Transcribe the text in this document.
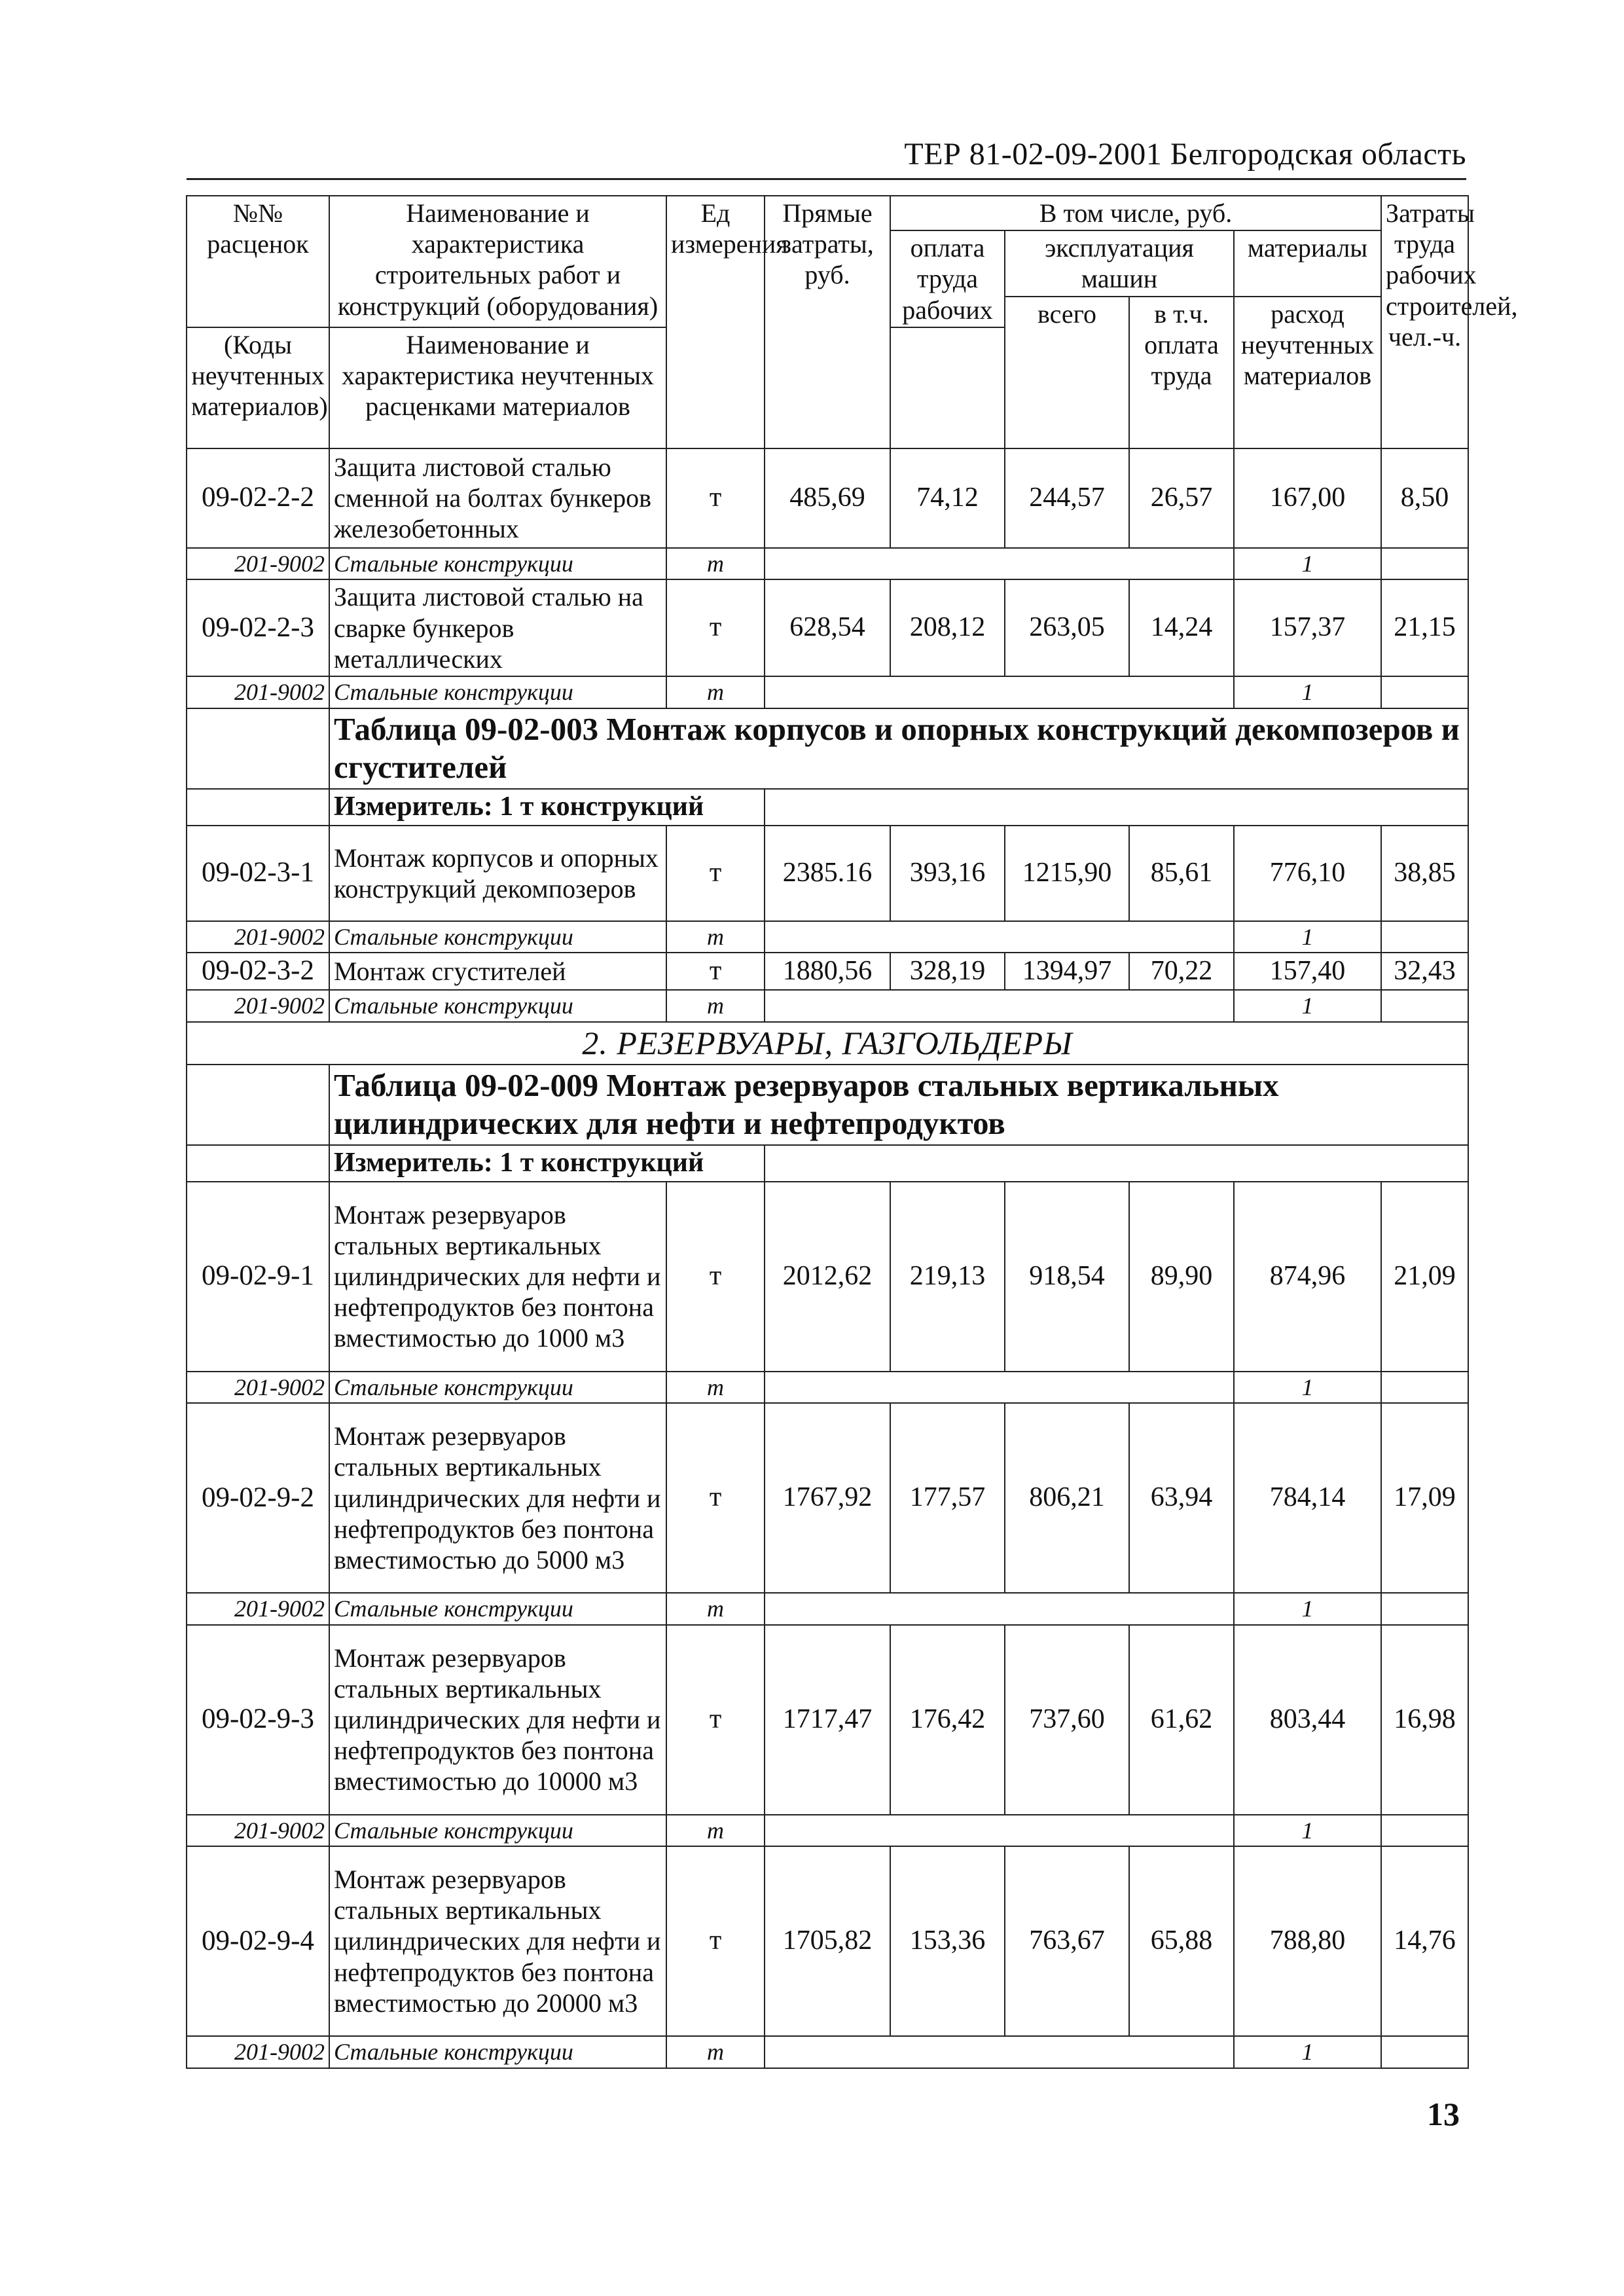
ТЕР 81-02-09-2001 Белгородская область
№№ расценок	Наименование и характеристика строительных работ и конструкций (оборудования)	Ед измерения	Прямые затраты, руб.	В том числе, руб.				Затраты труда рабочих строителей, чел.-ч.
				оплата труда рабочих	эксплуатация машин		материалы	
					всего	в т.ч. оплата труда	расход неучтенных материалов	
(Коды неучтенных материалов)	Наименование и характеристика неучтенных расценками материалов							

09-02-2-2	Защита листовой сталью сменной на болтах бункеров железобетонных	т	485,69	74,12	244,57	26,57	167,00	8,50
201-9002	Стальные конструкции	т					1	
09-02-2-3	Защита листовой сталью на сварке бункеров металлических	т	628,54	208,12	263,05	14,24	157,37	21,15
201-9002	Стальные конструкции	т					1	
	Таблица 09-02-003 Монтаж корпусов и опорных конструкций декомпозеров и сгустителей							
	Измеритель: 1 т конструкций							
09-02-3-1	Монтаж корпусов и опорных конструкций декомпозеров	т	2385.16	393,16	1215,90	85,61	776,10	38,85
201-9002	Стальные конструкции	т					1	
09-02-3-2	Монтаж сгустителей	т	1880,56	328,19	1394,97	70,22	157,40	32,43
201-9002	Стальные конструкции	т					1	
2. РЕЗЕРВУАРЫ, ГАЗГОЛЬДЕРЫ								
	Таблица 09-02-009 Монтаж резервуаров стальных вертикальных цилиндрических для нефти и нефтепродуктов							
	Измеритель: 1 т конструкций							
09-02-9-1	Монтаж резервуаров стальных вертикальных цилиндрических для нефти и нефтепродуктов без понтона вместимостью до 1000 м3	т	2012,62	219,13	918,54	89,90	874,96	21,09
201-9002	Стальные конструкции	т					1	
09-02-9-2	Монтаж резервуаров стальных вертикальных цилиндрических для нефти и нефтепродуктов без понтона вместимостью до 5000 м3	т	1767,92	177,57	806,21	63,94	784,14	17,09
201-9002	Стальные конструкции	т					1	
09-02-9-3	Монтаж резервуаров стальных вертикальных цилиндрических для нефти и нефтепродуктов без понтона вместимостью до 10000 м3	т	1717,47	176,42	737,60	61,62	803,44	16,98
201-9002	Стальные конструкции	т					1	
09-02-9-4	Монтаж резервуаров стальных вертикальных цилиндрических для нефти и нефтепродуктов без понтона вместимостью до 20000 м3	т	1705,82	153,36	763,67	65,88	788,80	14,76
201-9002	Стальные конструкции	т					1	
13
